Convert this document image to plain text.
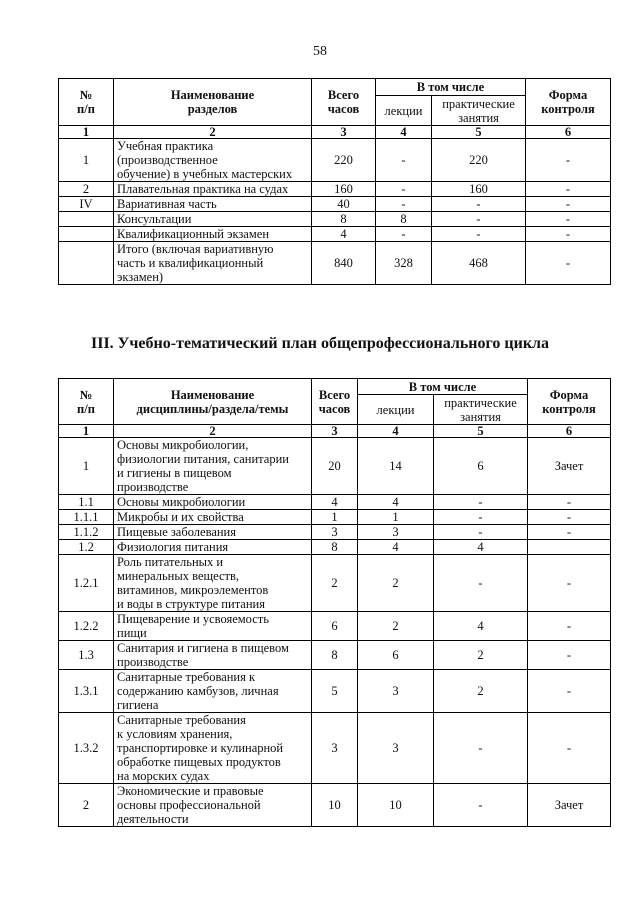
58
№
п/п	Наименование
разделов	Всего
часов	В том числе		Форма
контроля
			лекции	практические
занятия	
1	2	3	4	5	6
1	Учебная практика
(производственное
обучение) в учебных мастерских	220	-	220	-
2	Плавательная практика на судах	160	-	160	-
IV	Вариативная часть	40	-	-	-
	Консультации	8	8	-	-
	Квалификационный экзамен	4	-	-	-
	Итого (включая вариативную
часть и квалификационный
экзамен)	840	328	468	-
III. Учебно-тематический план общепрофессионального цикла
№
п/п	Наименование
дисциплины/раздела/темы	Всего
часов	В том числе		Форма
контроля
			лекции	практические
занятия	
1	2	3	4	5	6
1	Основы микробиологии,
физиологии питания, санитарии
и гигиены в пищевом
производстве	20	14	6	Зачет
1.1	Основы микробиологии	4	4	-	-
1.1.1	Микробы и их свойства	1	1	-	-
1.1.2	Пищевые заболевания	3	3	-	-
1.2	Физиология питания	8	4	4	
1.2.1	Роль питательных и
минеральных веществ,
витаминов, микроэлементов
и воды в структуре питания	2	2	-	-
1.2.2	Пищеварение и усвояемость
пищи	6	2	4	-
1.3	Санитария и гигиена в пищевом
производстве	8	6	2	-
1.3.1	Санитарные требования к
содержанию камбузов, личная
гигиена	5	3	2	-
1.3.2	Санитарные требования
к условиям хранения,
транспортировке и кулинарной
обработке пищевых продуктов
на морских судах	3	3	-	-
2	Экономические и правовые
основы профессиональной
деятельности	10	10	-	Зачет
